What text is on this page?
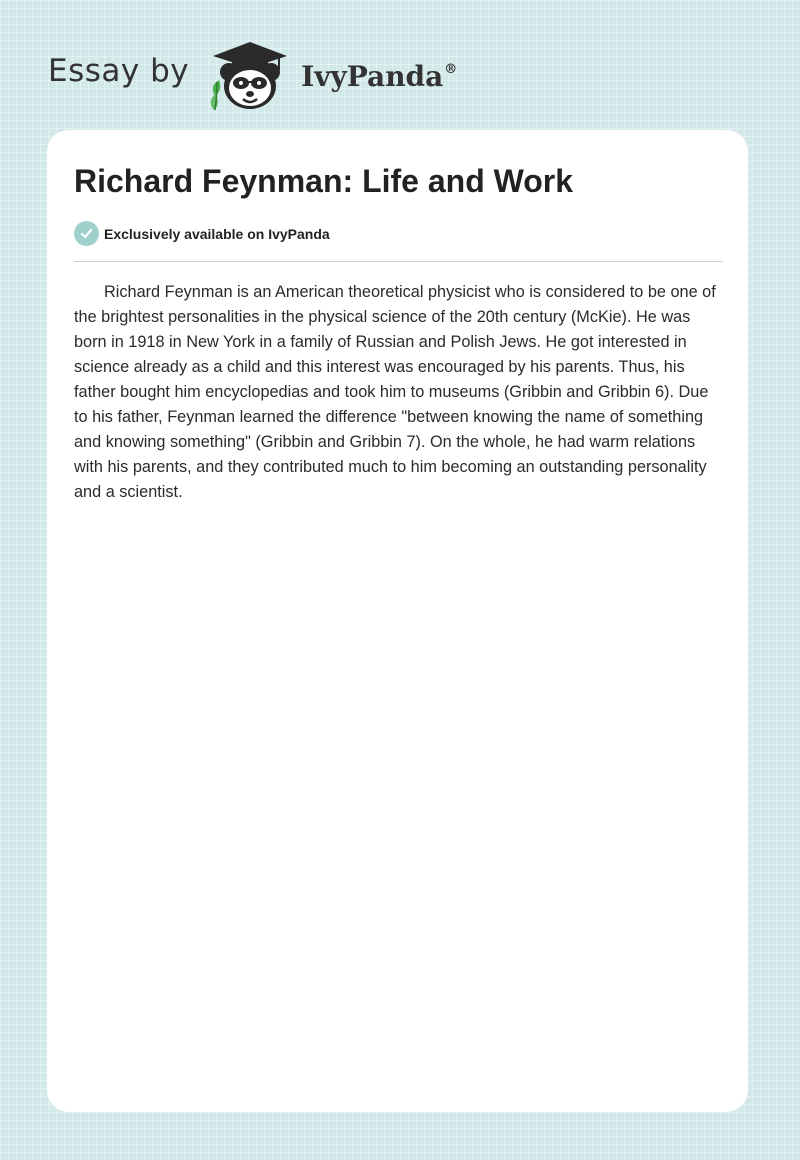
Essay by	IvyPanda®
Richard Feynman: Life and Work
Exclusively available on IvyPanda

Richard Feynman is an American theoretical physicist who is considered to be one of the brightest personalities in the physical science of the 20th century (McKie). He was born in 1918 in New York in a family of Russian and Polish Jews. He got interested in science already as a child and this interest was encouraged by his parents. Thus, his father bought him encyclopedias and took him to museums (Gribbin and Gribbin 6). Due to his father, Feynman learned the difference "between knowing the name of something and knowing something" (Gribbin and Gribbin 7). On the whole, he had warm relations with his parents, and they contributed much to him becoming an outstanding personality and a scientist.
